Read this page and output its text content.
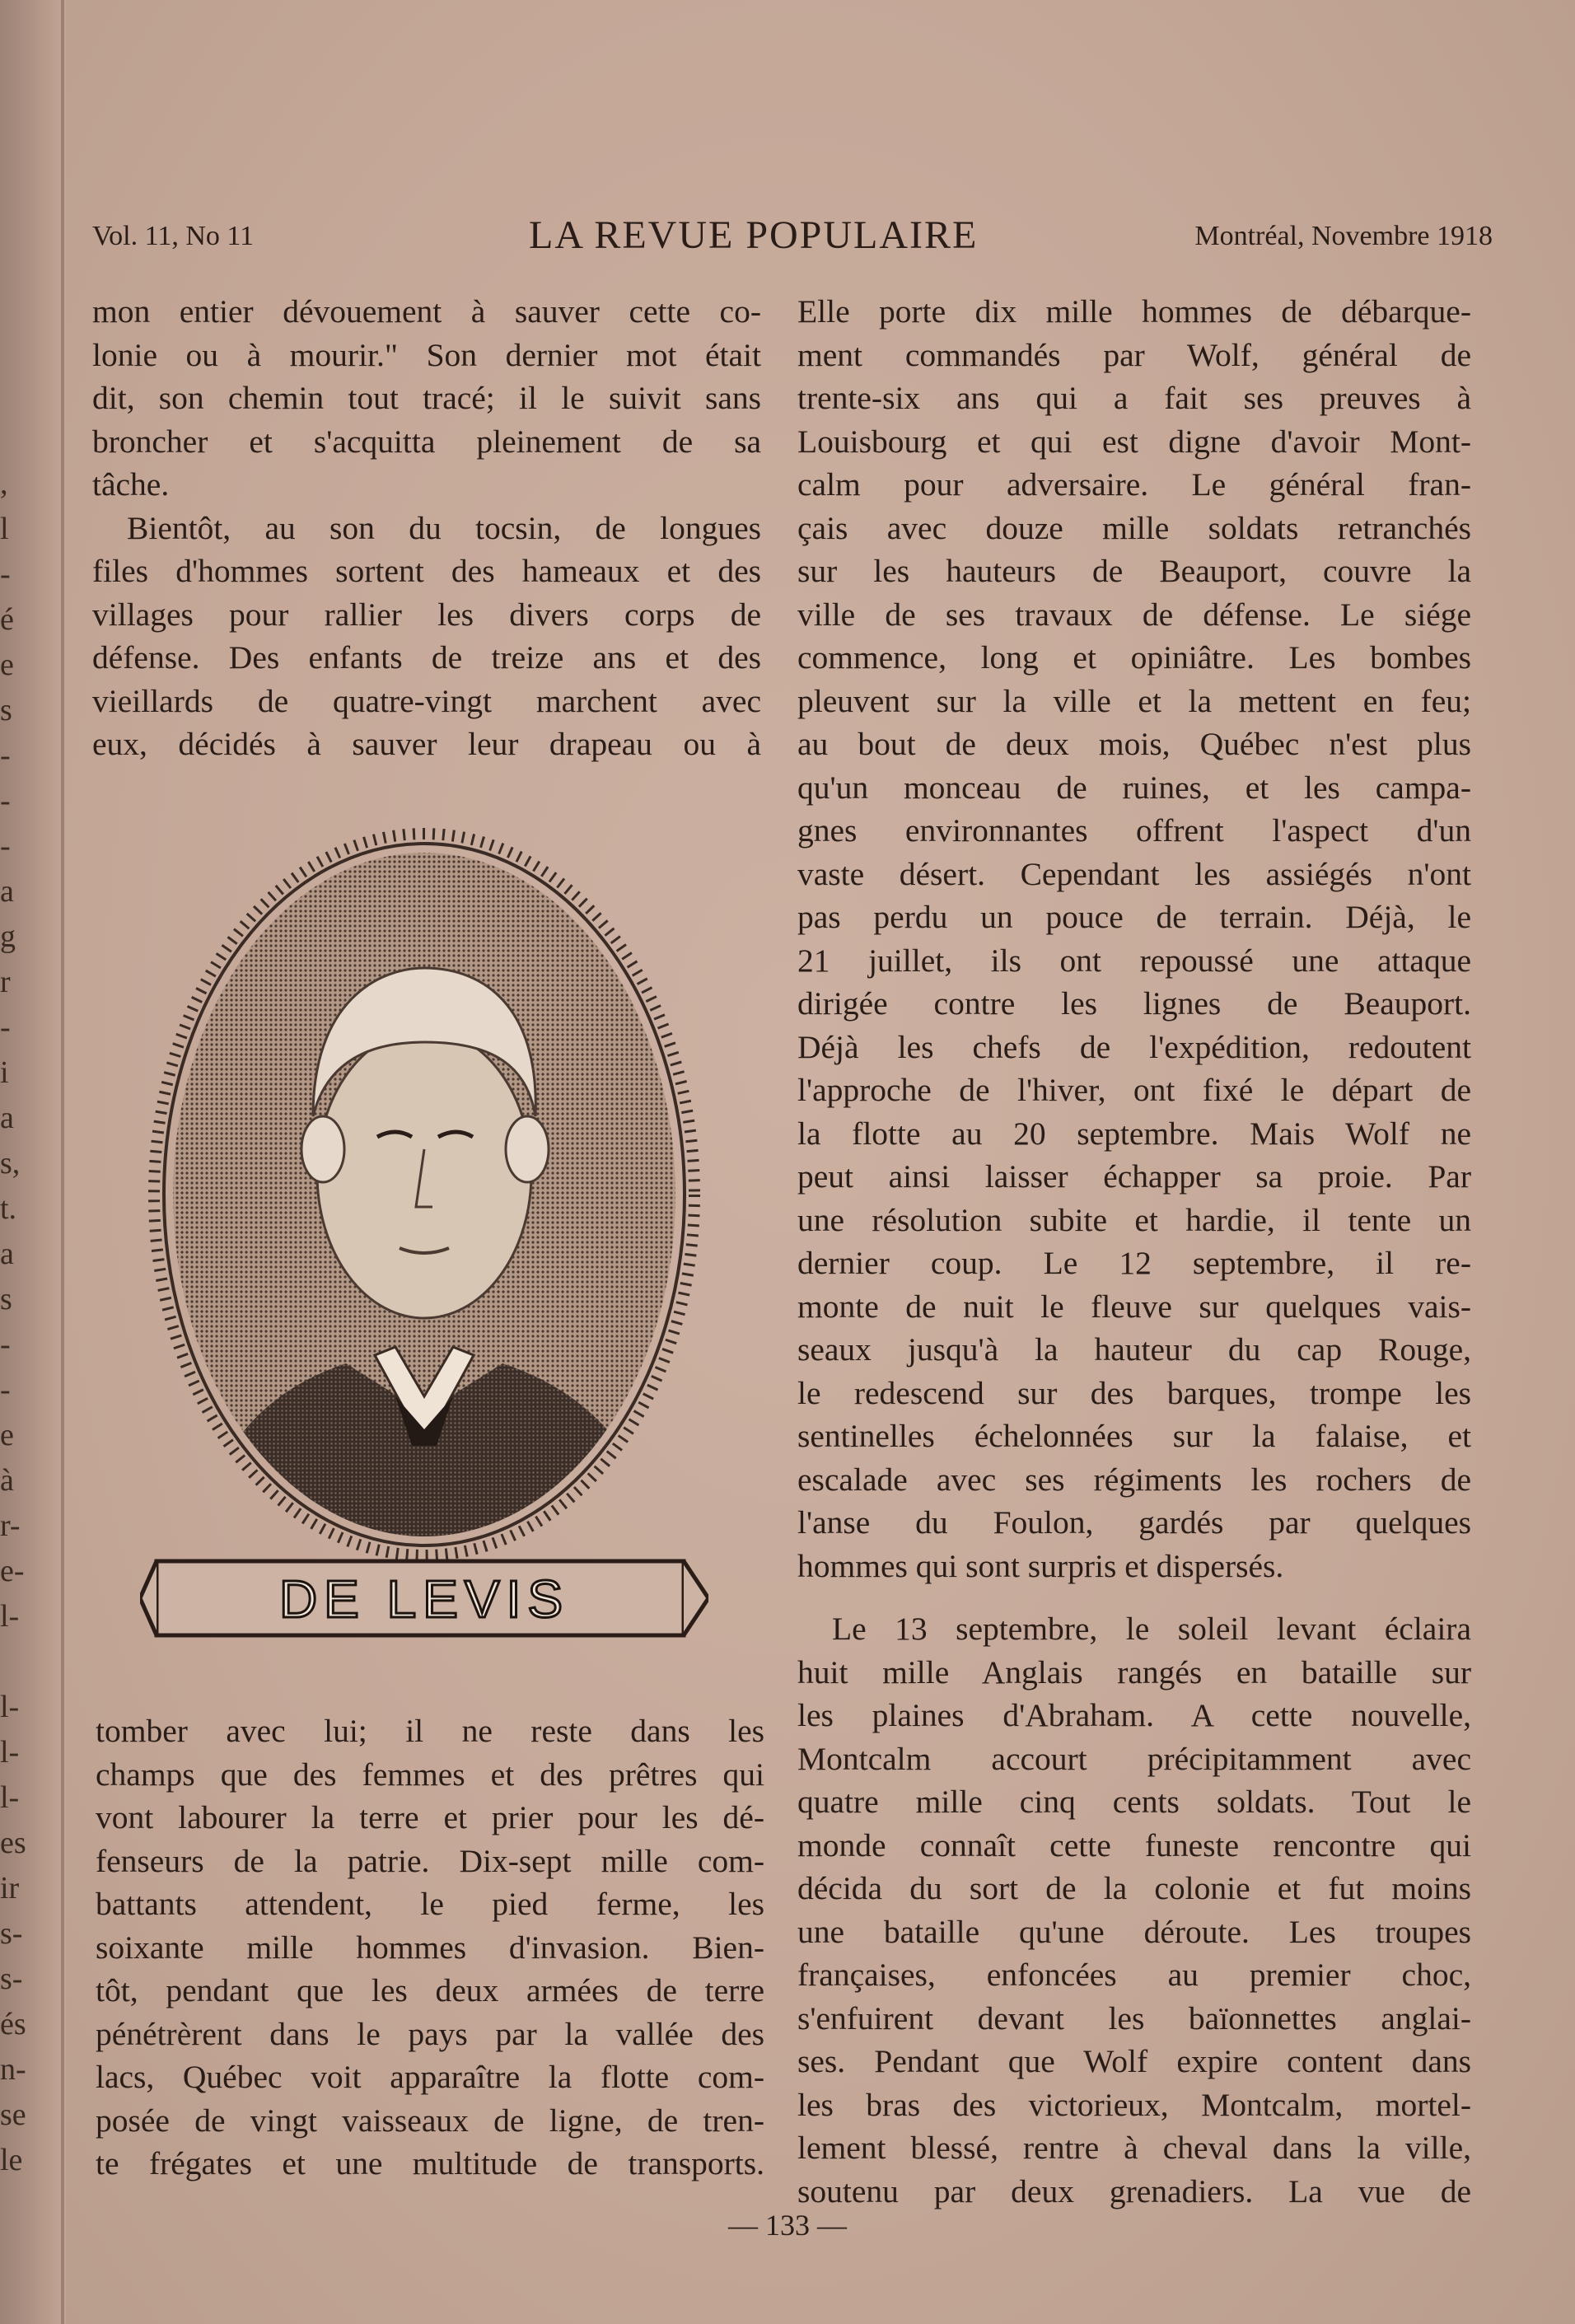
,
l
-
é
e
s
-
-
-
a
g
r
-
i
a
s,
t.
a
s
-
-
e
à
r-
e-
l-
l-
l-
l-
es
ir
s-
s-
és
n-
se
le
Vol. 11, No 11	LA REVUE POPULAIRE	Montréal, Novembre 1918

mon entier dévouement à sauver cette co-

lonie ou à mourir." Son dernier mot était

dit, son chemin tout tracé; il le suivit sans

broncher et s'acquitta pleinement de sa

tâche.

Bientôt, au son du tocsin, de longues

files d'hommes sortent des hameaux et des

villages pour rallier les divers corps de

défense. Des enfants de treize ans et des

vieillards de quatre-vingt marchent avec

eux, décidés à sauver leur drapeau ou à

DE LEVIS

tomber avec lui; il ne reste dans les

champs que des femmes et des prêtres qui

vont labourer la terre et prier pour les dé-

fenseurs de la patrie. Dix-sept mille com-

battants attendent, le pied ferme, les

soixante mille hommes d'invasion. Bien-

tôt, pendant que les deux armées de terre

pénétrèrent dans le pays par la vallée des

lacs, Québec voit apparaître la flotte com-

posée de vingt vaisseaux de ligne, de tren-

te frégates et une multitude de transports.

Elle porte dix mille hommes de débarque-

ment commandés par Wolf, général de

trente-six ans qui a fait ses preuves à

Louisbourg et qui est digne d'avoir Mont-

calm pour adversaire. Le général fran-

çais avec douze mille soldats retranchés

sur les hauteurs de Beauport, couvre la

ville de ses travaux de défense. Le siége

commence, long et opiniâtre. Les bombes

pleuvent sur la ville et la mettent en feu;

au bout de deux mois, Québec n'est plus

qu'un monceau de ruines, et les campa-

gnes environnantes offrent l'aspect d'un

vaste désert. Cependant les assiégés n'ont

pas perdu un pouce de terrain. Déjà, le

21 juillet, ils ont repoussé une attaque

dirigée contre les lignes de Beauport.

Déjà les chefs de l'expédition, redoutent

l'approche de l'hiver, ont fixé le départ de

la flotte au 20 septembre. Mais Wolf ne

peut ainsi laisser échapper sa proie. Par

une résolution subite et hardie, il tente un

dernier coup. Le 12 septembre, il re-

monte de nuit le fleuve sur quelques vais-

seaux jusqu'à la hauteur du cap Rouge,

le redescend sur des barques, trompe les

sentinelles échelonnées sur la falaise, et

escalade avec ses régiments les rochers de

l'anse du Foulon, gardés par quelques

hommes qui sont surpris et dispersés.

Le 13 septembre, le soleil levant éclaira

huit mille Anglais rangés en bataille sur

les plaines d'Abraham. A cette nouvelle,

Montcalm accourt précipitamment avec

quatre mille cinq cents soldats. Tout le

monde connaît cette funeste rencontre qui

décida du sort de la colonie et fut moins

une bataille qu'une déroute. Les troupes

françaises, enfoncées au premier choc,

s'enfuirent devant les baïonnettes anglai-

ses. Pendant que Wolf expire content dans

les bras des victorieux, Montcalm, mortel-

lement blessé, rentre à cheval dans la ville,

soutenu par deux grenadiers. La vue de

— 133 —
